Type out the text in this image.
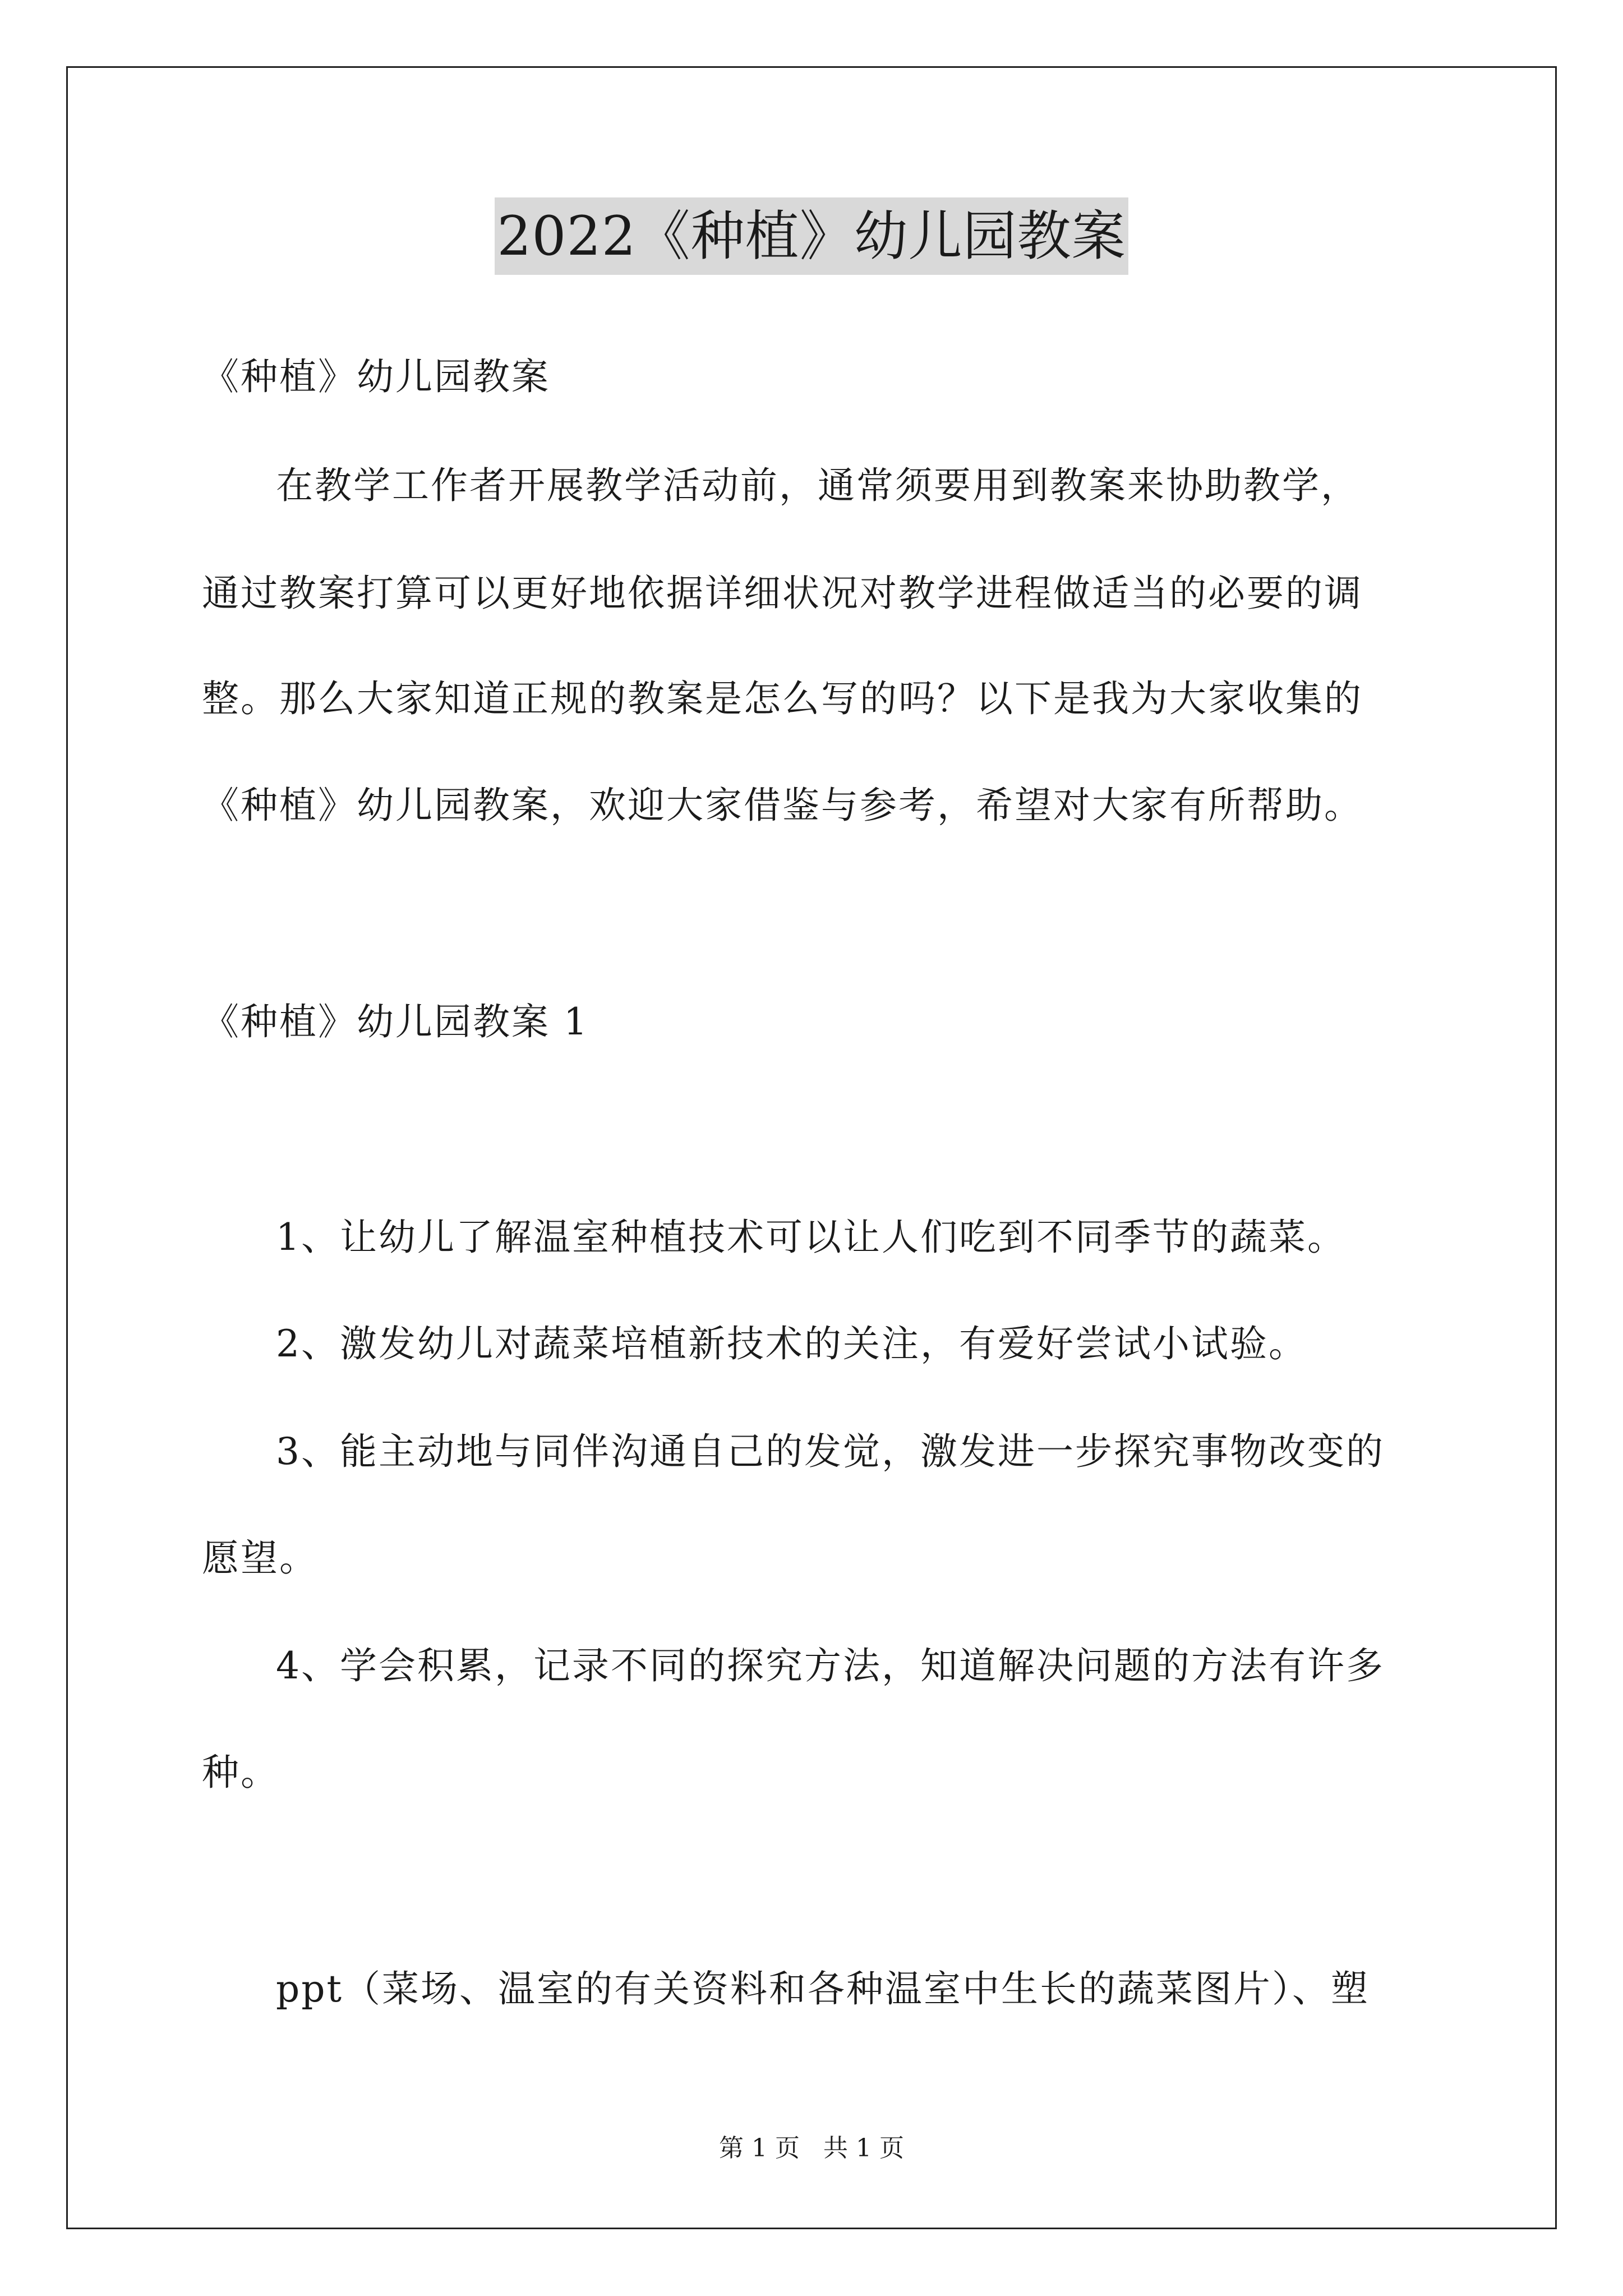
2022《种植》幼儿园教案
《种植》幼儿园教案
在教学工作者开展教学活动前，通常须要用到教案来协助教学，
通过教案打算可以更好地依据详细状况对教学进程做适当的必要的调
整。那么大家知道正规的教案是怎么写的吗？以下是我为大家收集的
《种植》幼儿园教案，欢迎大家借鉴与参考，希望对大家有所帮助。
《种植》幼儿园教案 1
1、让幼儿了解温室种植技术可以让人们吃到不同季节的蔬菜。
2、激发幼儿对蔬菜培植新技术的关注，有爱好尝试小试验。
3、能主动地与同伴沟通自己的发觉，激发进一步探究事物改变的
愿望。
4、学会积累，记录不同的探究方法，知道解决问题的方法有许多
种。
ppt（菜场、温室的有关资料和各种温室中生长的蔬菜图片）、塑
第 1 页   共 1 页
